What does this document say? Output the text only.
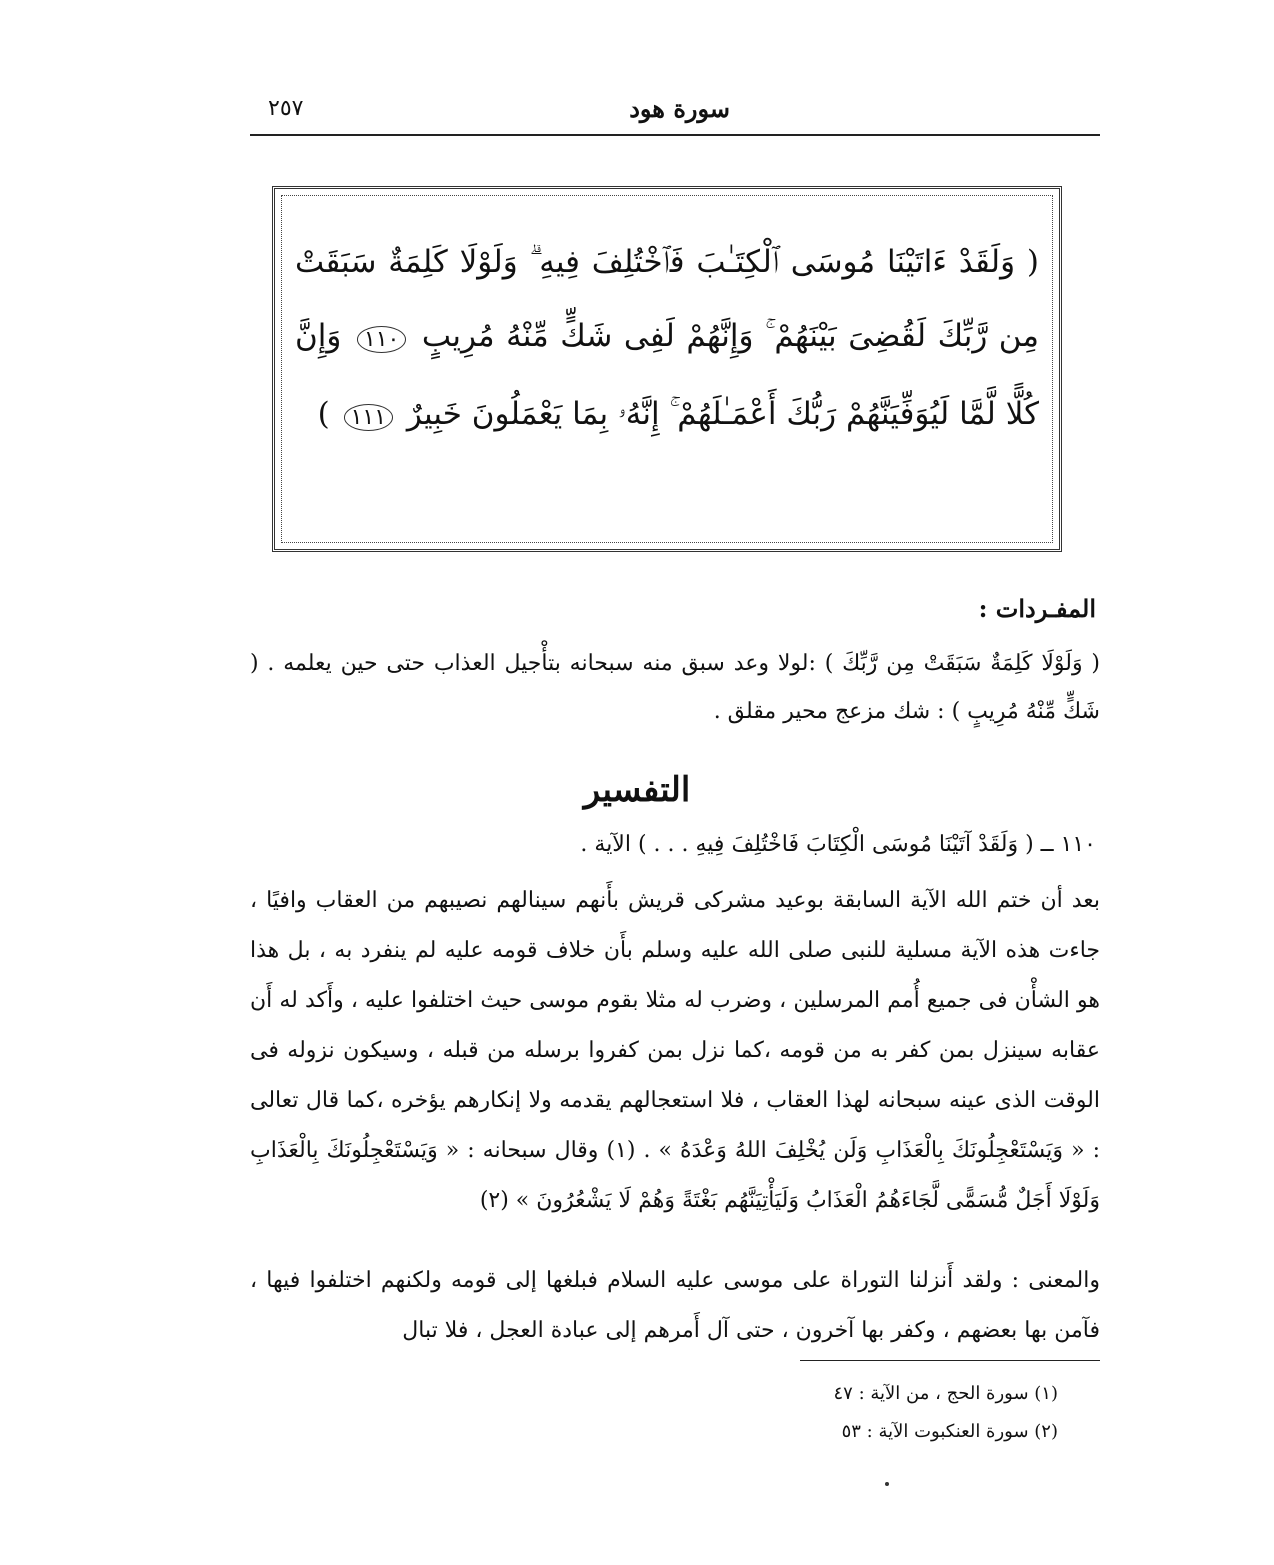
سورة هود
٢٥٧
( وَلَقَدْ ءَاتَيْنَا مُوسَى ٱلْكِتَـٰبَ فَٱخْتُلِفَ فِيهِ ۗ وَلَوْلَا كَلِمَةٌ سَبَقَتْ مِن رَّبِّكَ لَقُضِىَ بَيْنَهُمْ ۚ وَإِنَّهُمْ لَفِى شَكٍّ مِّنْهُ مُرِيبٍ ١١٠ وَإِنَّ كُلًّا لَّمَّا لَيُوَفِّيَنَّهُمْ رَبُّكَ أَعْمَـٰلَهُمْ ۚ إِنَّهُۥ بِمَا يَعْمَلُونَ خَبِيرٌ ١١١ )
المفـردات :
( وَلَوْلَا كَلِمَةٌ سَبَقَتْ مِن رَّبِّكَ ) :لولا وعد سبق منه سبحانه بتأْجيل العذاب حتى حين يعلمه . ( شَكٍّ مِّنْهُ مُرِيبٍ ) : شك مزعج محير مقلق .
التفسير
١١٠ ــ ( وَلَقَدْ آتَيْنَا مُوسَى الْكِتَابَ فَاخْتُلِفَ فِيهِ . . . ) الآية .
بعد أن ختم الله الآية السابقة بوعيد مشركى قريش بأَنهم سينالهم نصيبهم من العقاب وافيًا ، جاءت هذه الآية مسلية للنبى صلى الله عليه وسلم بأَن خلاف قومه عليه لم ينفرد به ، بل هذا هو الشأْن فى جميع أُمم المرسلين ، وضرب له مثلا بقوم موسى حيث اختلفوا عليه ، وأَكد له أَن عقابه سينزل بمن كفر به من قومه ،كما نزل بمن كفروا برسله من قبله ، وسيكون نزوله فى الوقت الذى عينه سبحانه لهذا العقاب ، فلا استعجالهم يقدمه ولا إنكارهم يؤخره ،كما قال تعالى : « وَيَسْتَعْجِلُونَكَ بِالْعَذَابِ وَلَن يُخْلِفَ اللهُ وَعْدَهُ » . (١) وقال سبحانه : « وَيَسْتَعْجِلُونَكَ بِالْعَذَابِ وَلَوْلَا أَجَلٌ مُّسَمًّى لَّجَاءَهُمُ الْعَذَابُ وَلَيَأْتِيَنَّهُم بَغْتَةً وَهُمْ لَا يَشْعُرُونَ » (٢)
والمعنى : ولقد أَنزلنا التوراة على موسى عليه السلام فبلغها إلى قومه ولكنهم اختلفوا فيها ، فآمن بها بعضهم ، وكفر بها آخرون ، حتى آل أَمرهم إلى عبادة العجل ، فلا تبال
(١) سورة الحج ، من الآية : ٤٧
(٢) سورة العنكبوت الآية : ٥٣
